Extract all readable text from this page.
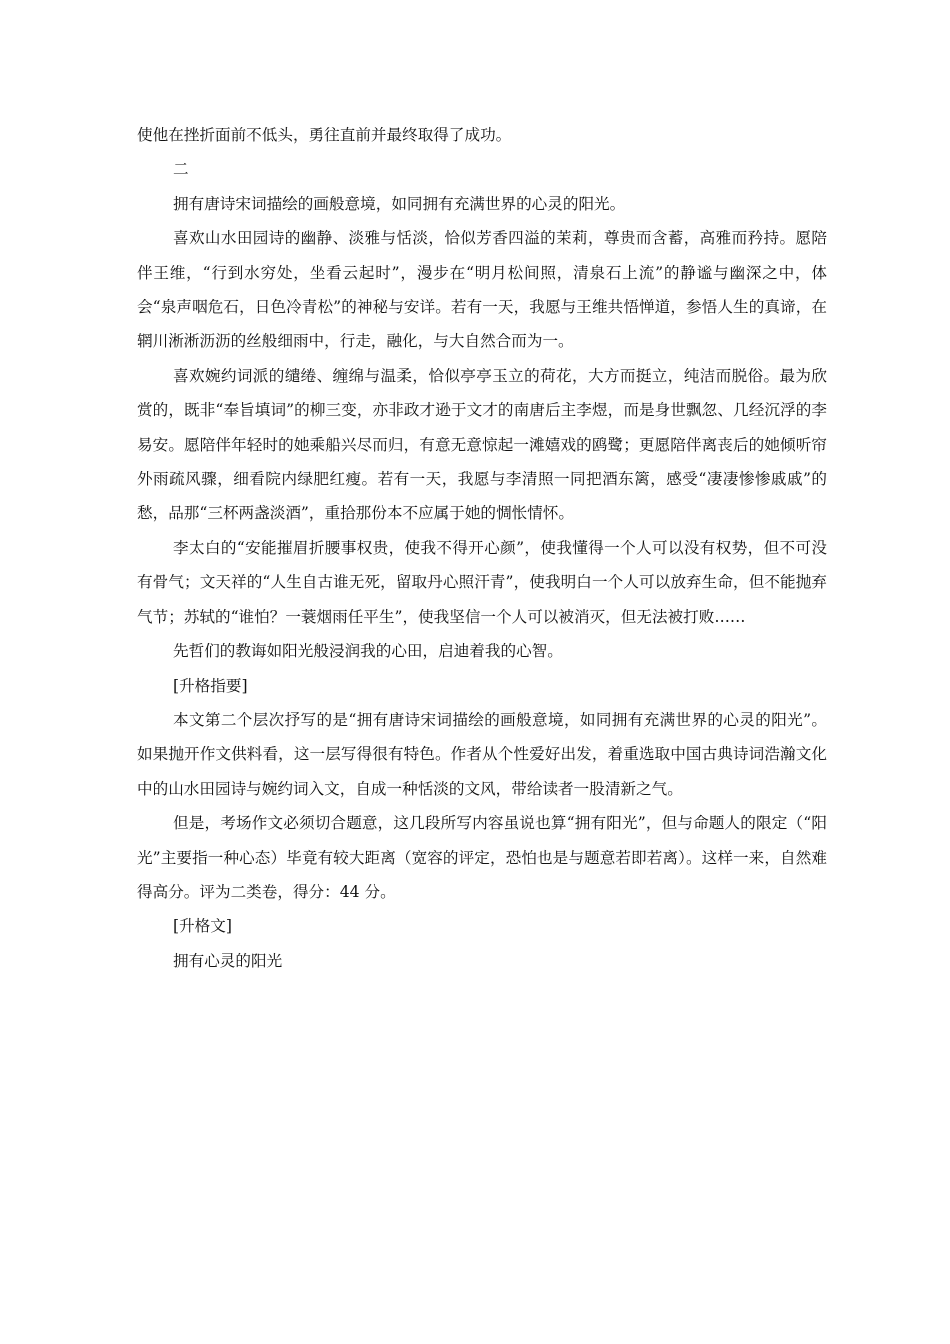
使他在挫折面前不低头，勇往直前并最终取得了成功。

二

拥有唐诗宋词描绘的画般意境，如同拥有充满世界的心灵的阳光。

喜欢山水田园诗的幽静、淡雅与恬淡，恰似芳香四溢的茉莉，尊贵而含蓄，高雅而矜持。愿陪伴王维，“行到水穷处，坐看云起时”，漫步在“明月松间照，清泉石上流”的静谧与幽深之中，体会“泉声咽危石，日色冷青松”的神秘与安详。若有一天，我愿与王维共悟惮道，参悟人生的真谛，在辋川淅淅沥沥的丝般细雨中，行走，融化，与大自然合而为一。

喜欢婉约词派的缱绻、缠绵与温柔，恰似亭亭玉立的荷花，大方而挺立，纯洁而脱俗。最为欣赏的，既非“奉旨填词”的柳三变，亦非政才逊于文才的南唐后主李煜，而是身世飘忽、几经沉浮的李易安。愿陪伴年轻时的她乘船兴尽而归，有意无意惊起一滩嬉戏的鸥鹭；更愿陪伴离丧后的她倾听帘外雨疏风骤，细看院内绿肥红瘦。若有一天，我愿与李清照一同把酒东篱，感受“凄凄惨惨戚戚”的愁，品那“三杯两盏淡酒”，重拾那份本不应属于她的惆怅情怀。

李太白的“安能摧眉折腰事权贵，使我不得开心颜”，使我懂得一个人可以没有权势，但不可没有骨气；文天祥的“人生自古谁无死，留取丹心照汗青”，使我明白一个人可以放弃生命，但不能抛弃气节；苏轼的“谁怕？一蓑烟雨任平生”，使我坚信一个人可以被消灭，但无法被打败……

先哲们的教诲如阳光般浸润我的心田，启迪着我的心智。

[升格指要]

本文第二个层次抒写的是“拥有唐诗宋词描绘的画般意境，如同拥有充满世界的心灵的阳光”。如果抛开作文供料看，这一层写得很有特色。作者从个性爱好出发，着重选取中国古典诗词浩瀚文化中的山水田园诗与婉约词入文，自成一种恬淡的文风，带给读者一股清新之气。

但是，考场作文必须切合题意，这几段所写内容虽说也算“拥有阳光”，但与命题人的限定（“阳光”主要指一种心态）毕竟有较大距离（宽容的评定，恐怕也是与题意若即若离）。这样一来，自然难得高分。评为二类卷，得分：44 分。

[升格文]

拥有心灵的阳光
